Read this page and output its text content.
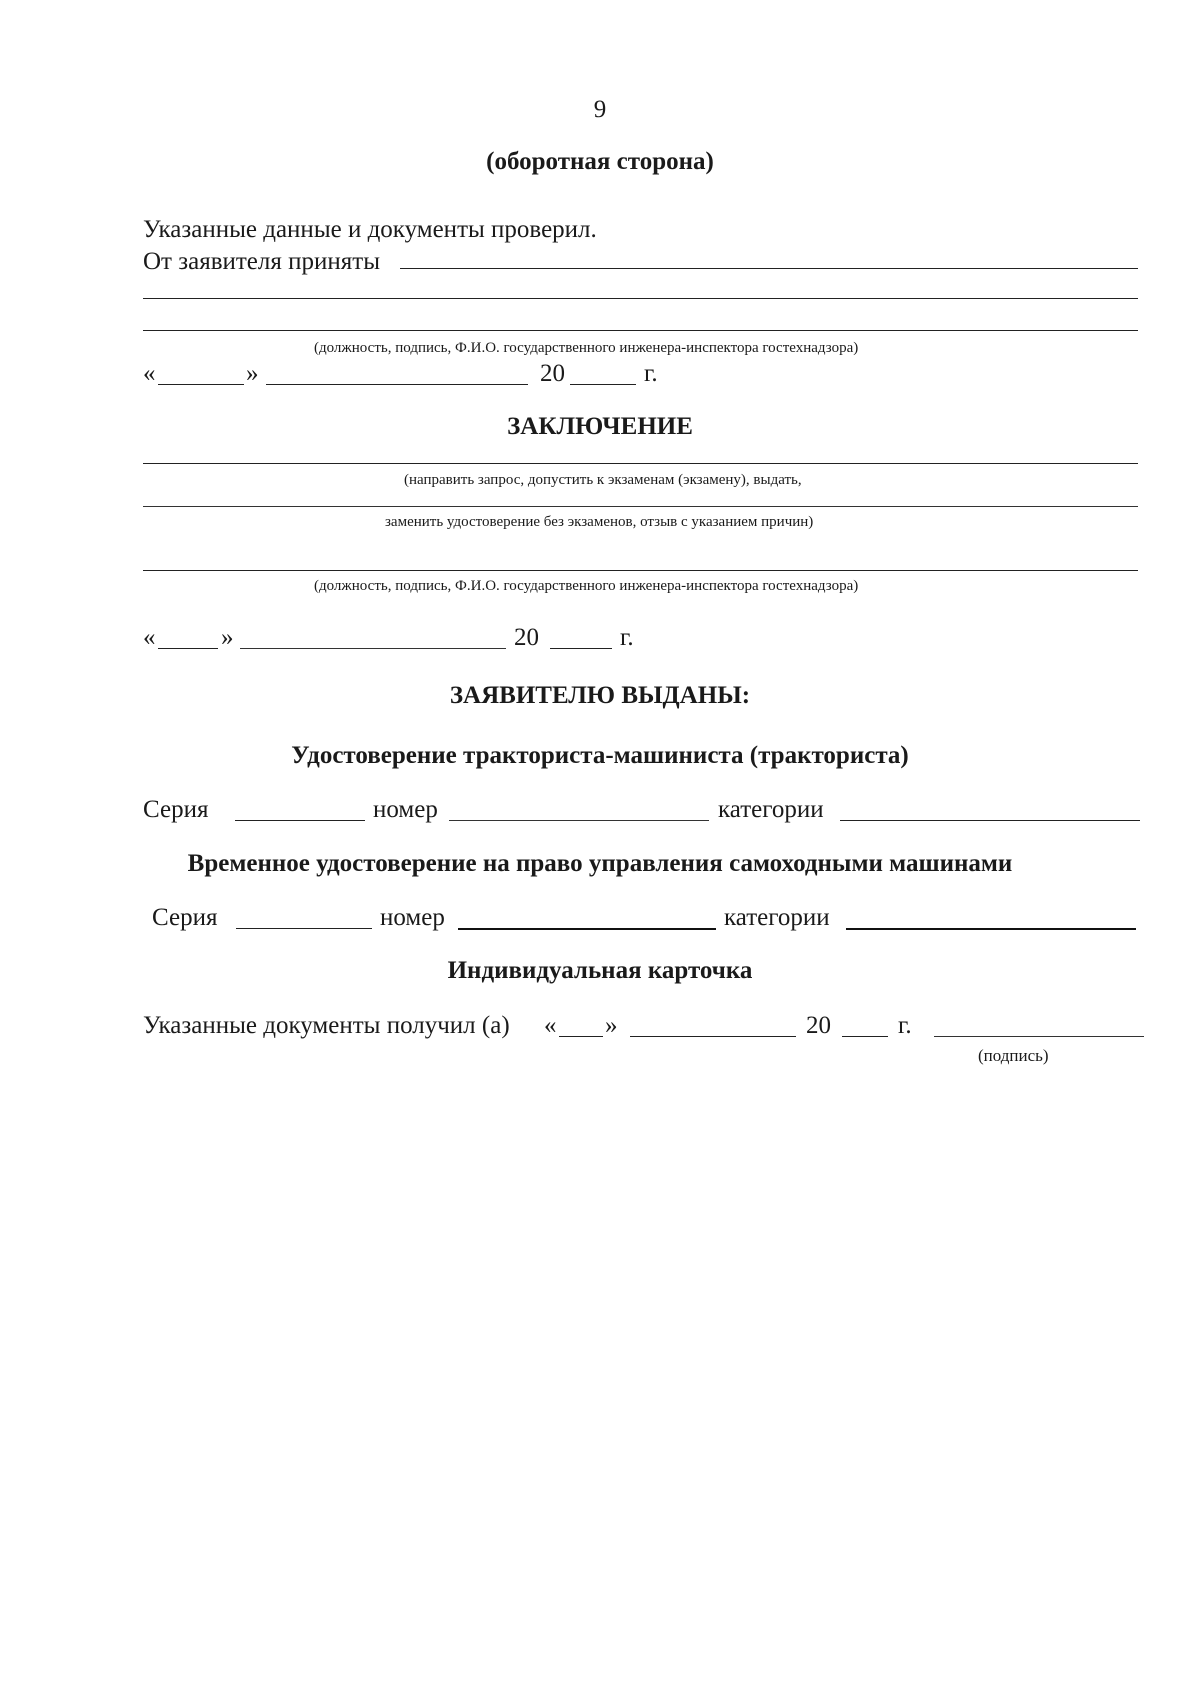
9
(оборотная сторона)
Указанные данные и документы проверил.
От заявителя приняты
(должность, подпись, Ф.И.О. государственного инженера-инспектора гостехнадзора)
«	»	20	г.
ЗАКЛЮЧЕНИЕ
(направить запрос, допустить к экзаменам (экзамену), выдать,
заменить удостоверение без экзаменов, отзыв с указанием причин)
(должность, подпись, Ф.И.О. государственного инженера-инспектора гостехнадзора)
«	»	20	г.
ЗАЯВИТЕЛЮ ВЫДАНЫ:
Удостоверение тракториста-машиниста (тракториста)
Серия	номер	категории
Временное удостоверение на право управления самоходными машинами
Серия	номер	категории
Индивидуальная карточка
Указанные документы получил (а) « »	20	г.
(подпись)
